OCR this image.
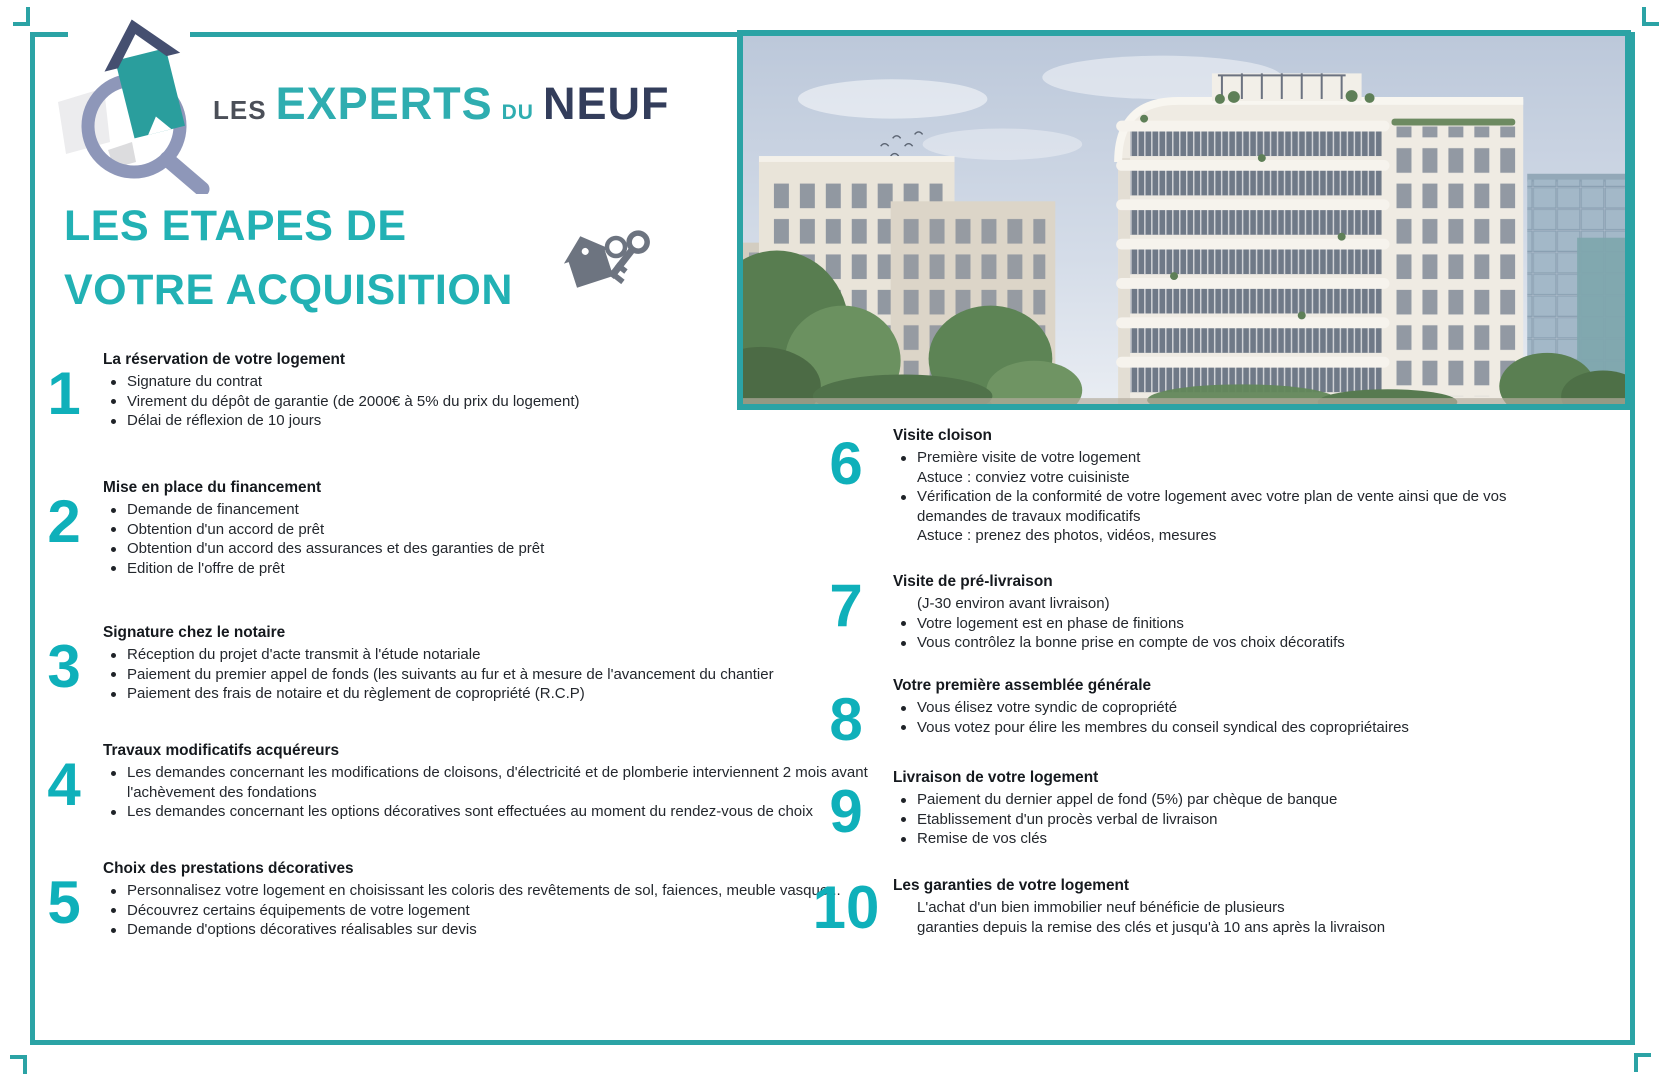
LES EXPERTS DU NEUF
LES ETAPES DE
VOTRE ACQUISITION
1
La réservation de votre logement
Signature du contrat
Virement du dépôt de garantie (de 2000€ à 5% du prix du logement)
Délai de réflexion de 10 jours
2
Mise en place du financement
Demande de financement
Obtention d'un accord de prêt
Obtention d'un accord des assurances et des garanties de prêt
Edition de l'offre de prêt
3
Signature chez le notaire
Réception du projet d'acte transmit à l'étude notariale
Paiement du premier appel de fonds (les suivants au fur et à mesure de l'avancement du chantier
Paiement des frais de notaire et du règlement de copropriété (R.C.P)
4
Travaux modificatifs acquéreurs
Les demandes concernant les modifications de cloisons, d'électricité et de plomberie interviennent 2 mois avant l'achèvement des fondations
Les demandes concernant les options décoratives sont effectuées au moment du rendez-vous de choix
5
Choix des prestations décoratives
Personnalisez votre logement en choisissant les coloris des revêtements de sol, faiences, meuble vasque...
Découvrez certains équipements de votre logement
Demande d'options décoratives réalisables sur devis
6	Visite cloison
Première visite de votre logement
Astuce : conviez votre cuisiniste
Vérification de la conformité de votre logement avec votre plan de vente ainsi que de vos demandes de travaux modificatifs
Astuce : prenez des photos, vidéos, mesures
7	Visite de pré-livraison
(J-30 environ avant livraison)
Votre logement est en phase de finitions
Vous contrôlez la bonne prise en compte de vos choix décoratifs
8
Votre première assemblée générale
Vous élisez votre syndic de copropriété
Vous votez pour élire les membres du conseil syndical des copropriétaires
9
Livraison de votre logement
Paiement du dernier appel de fond (5%) par chèque de banque
Etablissement d'un procès verbal de livraison
Remise de vos clés
10 Les garanties de votre logement
L'achat d'un bien immobilier neuf bénéficie de plusieurs
garanties depuis la remise des clés et jusqu'à 10 ans après la livraison
